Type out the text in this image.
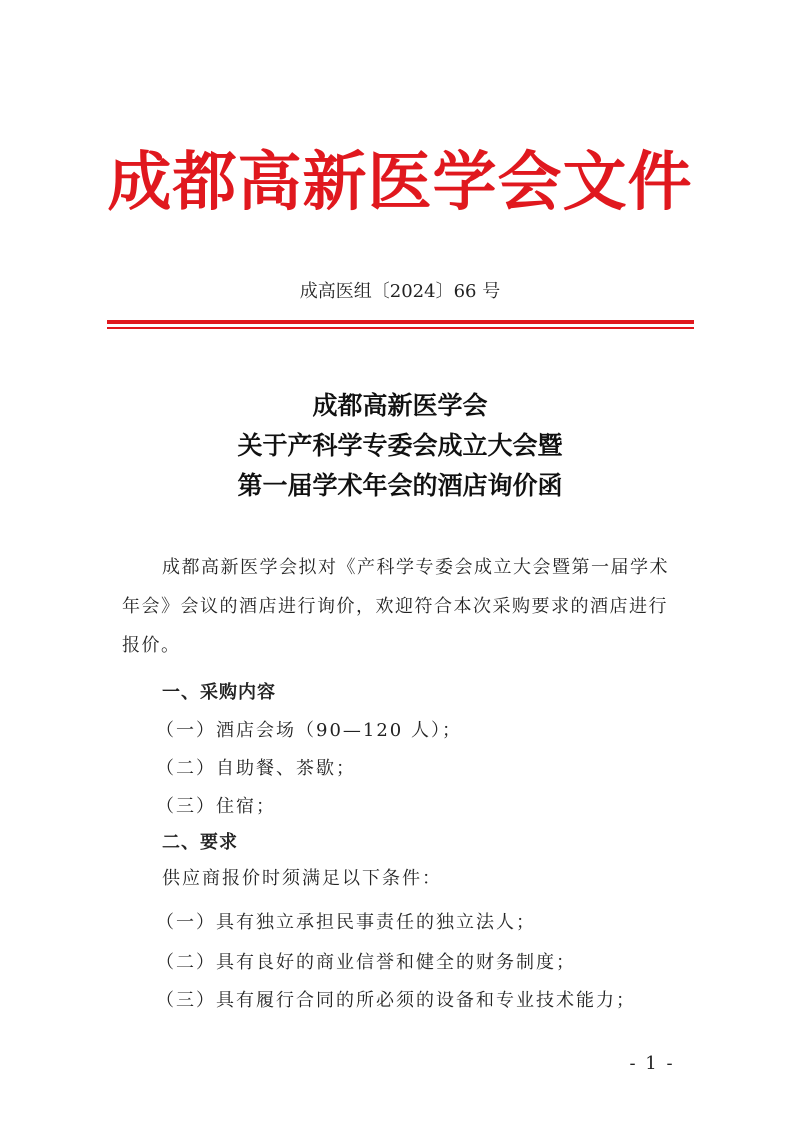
成都高新医学会文件
成高医组〔2024〕66 号
成都高新医学会
关于产科学专委会成立大会暨
第一届学术年会的酒店询价函
成都高新医学会拟对《产科学专委会成立大会暨第一届学术年会》会议的酒店进行询价，欢迎符合本次采购要求的酒店进行报价。
一、采购内容
（一）酒店会场（90—120 人）；
（二）自助餐、茶歇；
（三）住宿；
二、要求
供应商报价时须满足以下条件：
（一）具有独立承担民事责任的独立法人；
（二）具有良好的商业信誉和健全的财务制度；
（三）具有履行合同的所必须的设备和专业技术能力；
- 1 -
